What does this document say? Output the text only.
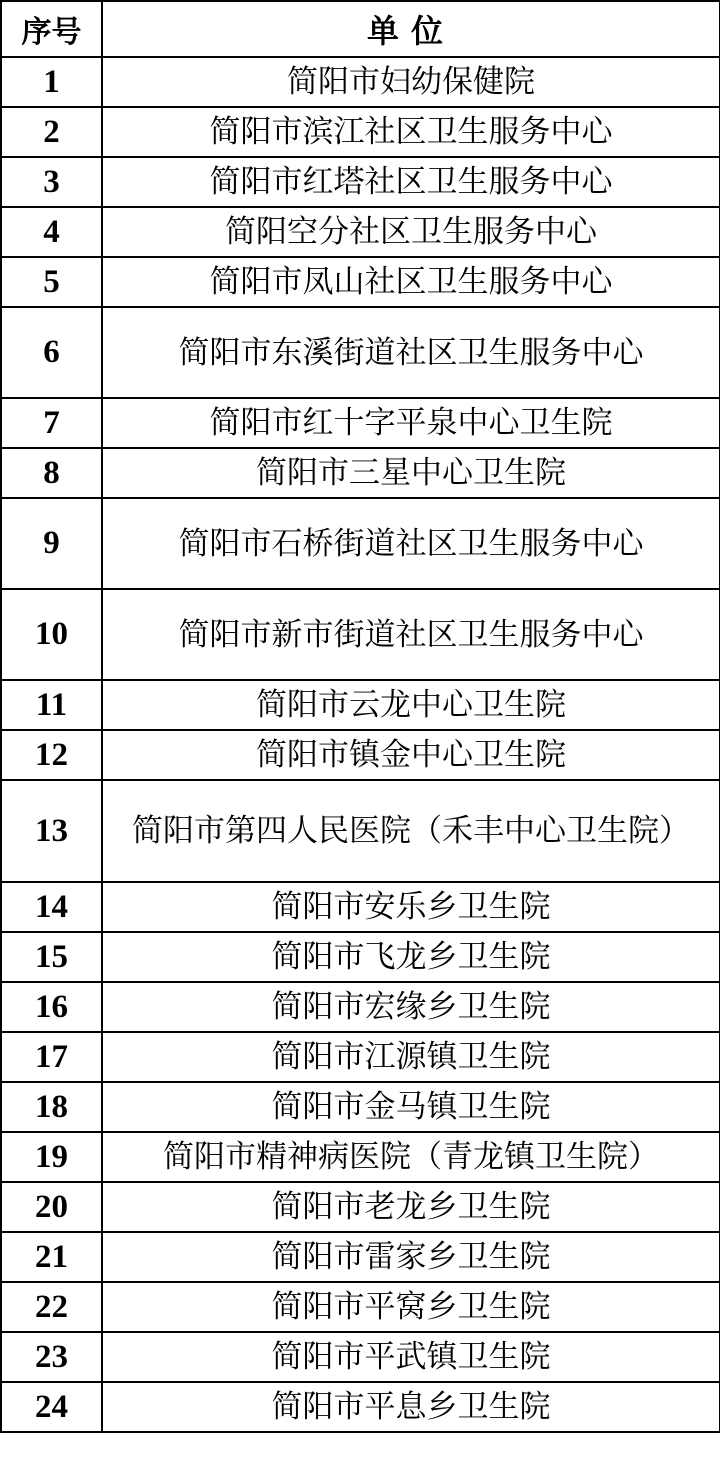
序号	单位
1	简阳市妇幼保健院
2	简阳市滨江社区卫生服务中心
3	简阳市红塔社区卫生服务中心
4	简阳空分社区卫生服务中心
5	简阳市凤山社区卫生服务中心
6	简阳市东溪街道社区卫生服务中心
7	简阳市红十字平泉中心卫生院
8	简阳市三星中心卫生院
9	简阳市石桥街道社区卫生服务中心
10	简阳市新市街道社区卫生服务中心
11	简阳市云龙中心卫生院
12	简阳市镇金中心卫生院
13	简阳市第四人民医院（禾丰中心卫生院）
14	简阳市安乐乡卫生院
15	简阳市飞龙乡卫生院
16	简阳市宏缘乡卫生院
17	简阳市江源镇卫生院
18	简阳市金马镇卫生院
19	简阳市精神病医院（青龙镇卫生院）
20	简阳市老龙乡卫生院
21	简阳市雷家乡卫生院
22	简阳市平窝乡卫生院
23	简阳市平武镇卫生院
24	简阳市平息乡卫生院
